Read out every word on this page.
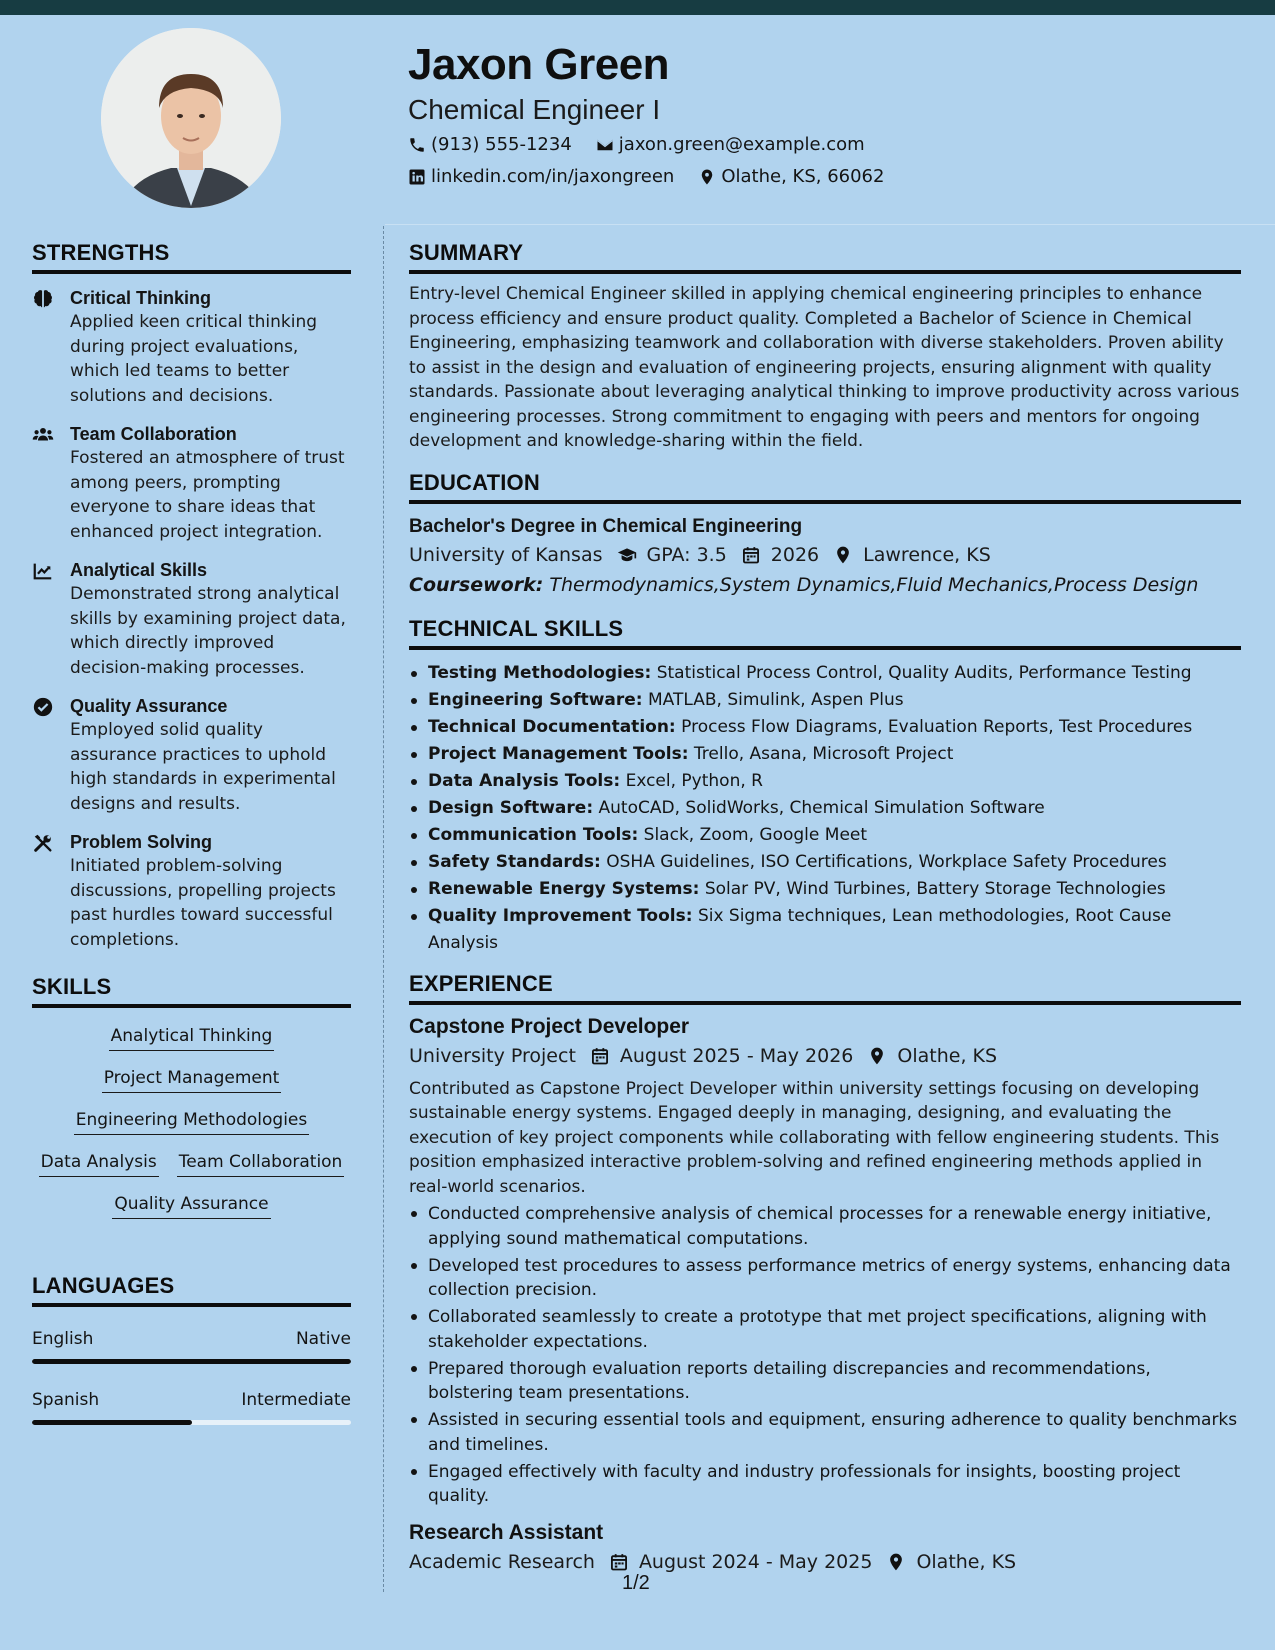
Jaxon Green
Chemical Engineer I
(913) 555-1234	jaxon.green@example.com
linkedin.com/in/jaxongreen	Olathe, KS, 66062
STRENGTHS
Critical Thinking
Applied keen critical thinking during project evaluations, which led teams to better solutions and decisions.
Team Collaboration
Fostered an atmosphere of trust among peers, prompting everyone to share ideas that enhanced project integration.
Analytical Skills
Demonstrated strong analytical skills by examining project data, which directly improved decision-making processes.
Quality Assurance
Employed solid quality assurance practices to uphold high standards in experimental designs and results.
Problem Solving
Initiated problem-solving discussions, propelling projects past hurdles toward successful completions.
SKILLS
Analytical Thinking
Project Management
Engineering Methodologies
Data Analysis Team Collaboration
Quality Assurance
LANGUAGES
English	Native
Spanish	Intermediate
SUMMARY
Entry-level Chemical Engineer skilled in applying chemical engineering principles to enhance process efficiency and ensure product quality. Completed a Bachelor of Science in Chemical Engineering, emphasizing teamwork and collaboration with diverse stakeholders. Proven ability to assist in the design and evaluation of engineering projects, ensuring alignment with quality standards. Passionate about leveraging analytical thinking to improve productivity across various engineering processes. Strong commitment to engaging with peers and mentors for ongoing development and knowledge-sharing within the field.
EDUCATION
Bachelor's Degree in Chemical Engineering
University of Kansas GPA: 3.5 2026 Lawrence, KS
Coursework: Thermodynamics,System Dynamics,Fluid Mechanics,Process Design
TECHNICAL SKILLS
Testing Methodologies: Statistical Process Control, Quality Audits, Performance Testing
Engineering Software: MATLAB, Simulink, Aspen Plus
Technical Documentation: Process Flow Diagrams, Evaluation Reports, Test Procedures
Project Management Tools: Trello, Asana, Microsoft Project
Data Analysis Tools: Excel, Python, R
Design Software: AutoCAD, SolidWorks, Chemical Simulation Software
Communication Tools: Slack, Zoom, Google Meet
Safety Standards: OSHA Guidelines, ISO Certifications, Workplace Safety Procedures
Renewable Energy Systems: Solar PV, Wind Turbines, Battery Storage Technologies
Quality Improvement Tools: Six Sigma techniques, Lean methodologies, Root Cause Analysis
EXPERIENCE
Capstone Project Developer
University Project August 2025 - May 2026 Olathe, KS
Contributed as Capstone Project Developer within university settings focusing on developing sustainable energy systems. Engaged deeply in managing, designing, and evaluating the execution of key project components while collaborating with fellow engineering students. This position emphasized interactive problem-solving and refined engineering methods applied in real-world scenarios.
Conducted comprehensive analysis of chemical processes for a renewable energy initiative, applying sound mathematical computations.
Developed test procedures to assess performance metrics of energy systems, enhancing data collection precision.
Collaborated seamlessly to create a prototype that met project specifications, aligning with stakeholder expectations.
Prepared thorough evaluation reports detailing discrepancies and recommendations, bolstering team presentations.
Assisted in securing essential tools and equipment, ensuring adherence to quality benchmarks and timelines.
Engaged effectively with faculty and industry professionals for insights, boosting project quality.
Research Assistant
Academic Research August 2024 - May 2025 Olathe, KS
1/2
